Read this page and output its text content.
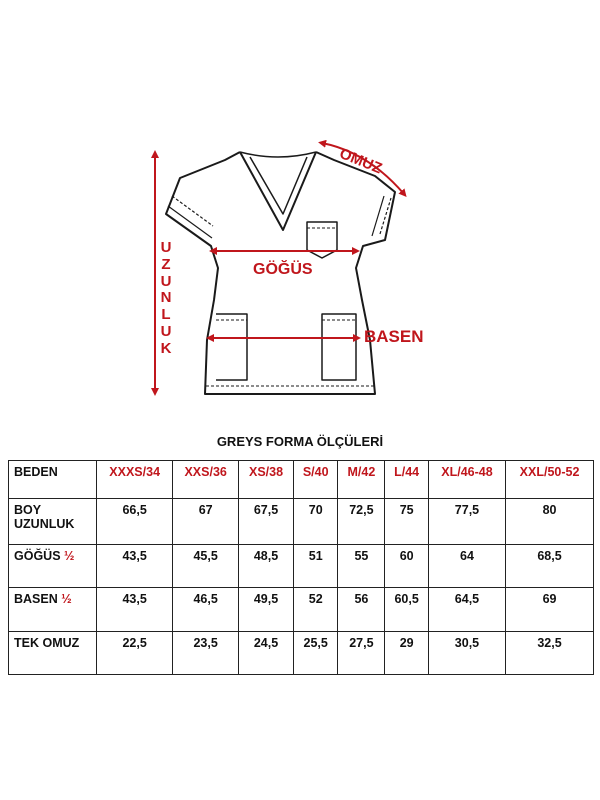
OMUZ
GÖĞÜS
BASEN
U
Z
U
N
L
U
K
GREYS FORMA ÖLÇÜLERİ
BEDEN	XXXS/34	XXS/36	XS/38	S/40	M/42	L/44	XL/46-48	XXL/50-52
BOY UZUNLUK	66,5	67	67,5	70	72,5	75	77,5	80
GÖĞÜS ½	43,5	45,5	48,5	51	55	60	64	68,5
BASEN ½	43,5	46,5	49,5	52	56	60,5	64,5	69
TEK OMUZ	22,5	23,5	24,5	25,5	27,5	29	30,5	32,5
